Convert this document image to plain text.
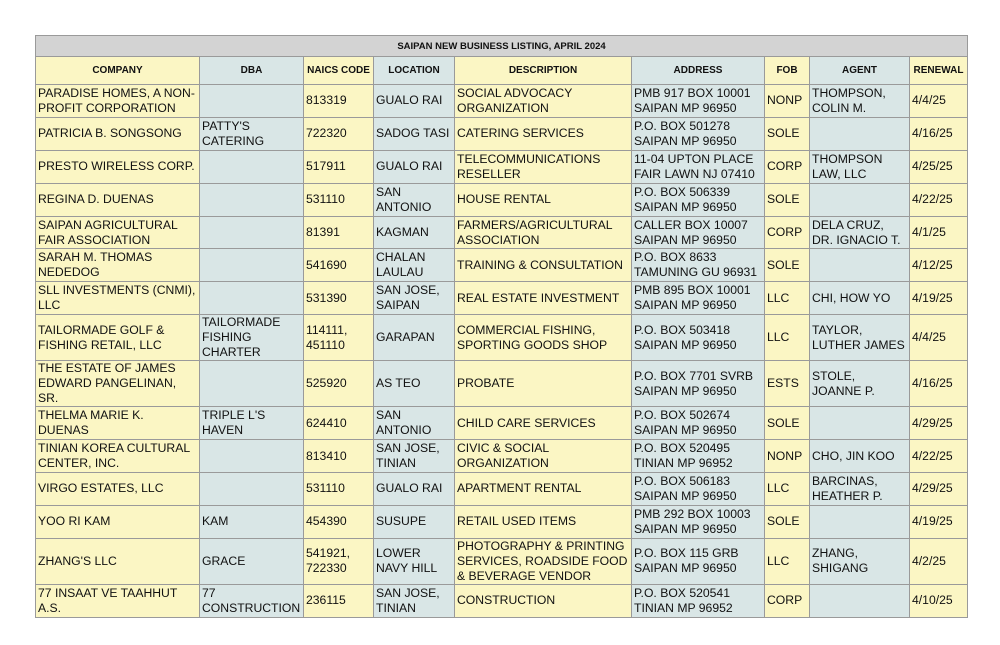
SAIPAN NEW BUSINESS LISTING, APRIL 2024								
COMPANY	DBA	NAICS CODE	LOCATION	DESCRIPTION	ADDRESS	FOB	AGENT	RENEWAL
PARADISE HOMES, A NON-PROFIT CORPORATION		813319	GUALO RAI	SOCIAL ADVOCACY ORGANIZATION	PMB 917 BOX 10001 SAIPAN MP 96950	NONP	THOMPSON, COLIN M.	4/4/25
PATRICIA B. SONGSONG	PATTY'S CATERING	722320	SADOG TASI	CATERING SERVICES	P.O. BOX 501278 SAIPAN MP 96950	SOLE		4/16/25
PRESTO WIRELESS CORP.		517911	GUALO RAI	TELECOMMUNICATIONS RESELLER	11-04 UPTON PLACE FAIR LAWN NJ 07410	CORP	THOMPSON LAW, LLC	4/25/25
REGINA D. DUENAS		531110	SAN ANTONIO	HOUSE RENTAL	P.O. BOX 506339 SAIPAN MP 96950	SOLE		4/22/25
SAIPAN AGRICULTURAL FAIR ASSOCIATION		81391	KAGMAN	FARMERS/AGRICULTURAL ASSOCIATION	CALLER BOX 10007 SAIPAN MP 96950	CORP	DELA CRUZ, DR. IGNACIO T.	4/1/25
SARAH M. THOMAS NEDEDOG		541690	CHALAN LAULAU	TRAINING & CONSULTATION	P.O. BOX 8633 TAMUNING GU 96931	SOLE		4/12/25
SLL INVESTMENTS (CNMI), LLC		531390	SAN JOSE, SAIPAN	REAL ESTATE INVESTMENT	PMB 895 BOX 10001 SAIPAN MP 96950	LLC	CHI, HOW YO	4/19/25
TAILORMADE GOLF & FISHING RETAIL, LLC	TAILORMADE FISHING CHARTER	114111, 451110	GARAPAN	COMMERCIAL FISHING, SPORTING GOODS SHOP	P.O. BOX 503418 SAIPAN MP 96950	LLC	TAYLOR, LUTHER JAMES	4/4/25
THE ESTATE OF JAMES EDWARD PANGELINAN, SR.		525920	AS TEO	PROBATE	P.O. BOX 7701 SVRB SAIPAN MP 96950	ESTS	STOLE, JOANNE P.	4/16/25
THELMA MARIE K. DUENAS	TRIPLE L'S HAVEN	624410	SAN ANTONIO	CHILD CARE SERVICES	P.O. BOX 502674 SAIPAN MP 96950	SOLE		4/29/25
TINIAN KOREA CULTURAL CENTER, INC.		813410	SAN JOSE, TINIAN	CIVIC & SOCIAL ORGANIZATION	P.O. BOX 520495 TINIAN MP 96952	NONP	CHO, JIN KOO	4/22/25
VIRGO ESTATES, LLC		531110	GUALO RAI	APARTMENT RENTAL	P.O. BOX 506183 SAIPAN MP 96950	LLC	BARCINAS, HEATHER P.	4/29/25
YOO RI KAM	KAM	454390	SUSUPE	RETAIL USED ITEMS	PMB 292 BOX 10003 SAIPAN MP 96950	SOLE		4/19/25
ZHANG'S LLC	GRACE	541921, 722330	LOWER NAVY HILL	PHOTOGRAPHY & PRINTING SERVICES, ROADSIDE FOOD & BEVERAGE VENDOR	P.O. BOX 115 GRB SAIPAN MP 96950	LLC	ZHANG, SHIGANG	4/2/25
77 INSAAT VE TAAHHUT A.S.	77 CONSTRUCTION	236115	SAN JOSE, TINIAN	CONSTRUCTION	P.O. BOX 520541 TINIAN MP 96952	CORP		4/10/25
